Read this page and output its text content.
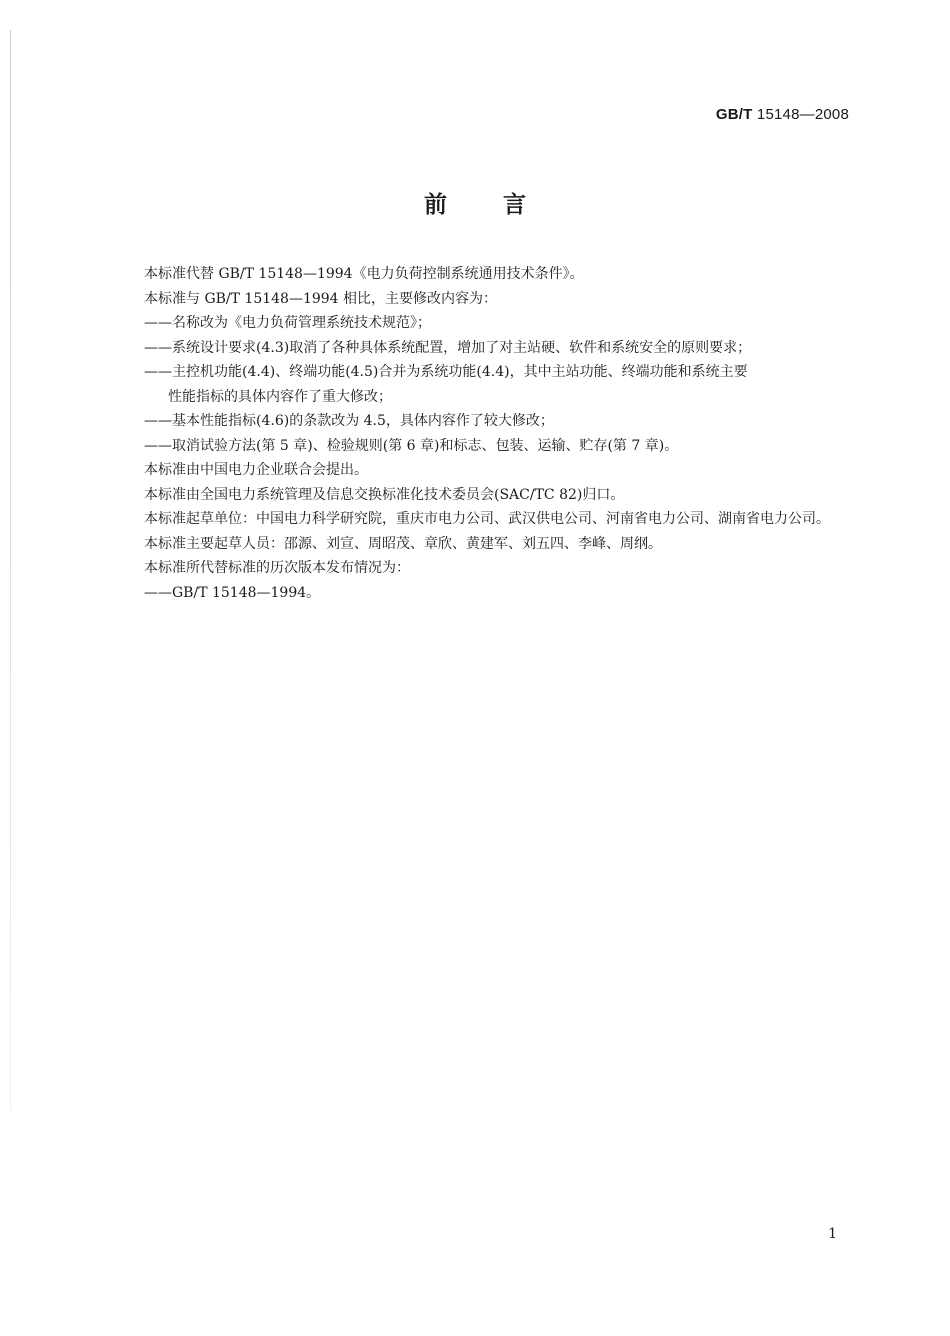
GB/T 15148—2008
前言
本标准代替 GB/T 15148—1994《电力负荷控制系统通用技术条件》。
本标准与 GB/T 15148—1994 相比，主要修改内容为：
——名称改为《电力负荷管理系统技术规范》；
——系统设计要求(4.3)取消了各种具体系统配置，增加了对主站硬、软件和系统安全的原则要求；
——主控机功能(4.4)、终端功能(4.5)合并为系统功能(4.4)，其中主站功能、终端功能和系统主要
性能指标的具体内容作了重大修改；
——基本性能指标(4.6)的条款改为 4.5，具体内容作了较大修改；
——取消试验方法(第 5 章)、检验规则(第 6 章)和标志、包装、运输、贮存(第 7 章)。
本标准由中国电力企业联合会提出。
本标准由全国电力系统管理及信息交换标准化技术委员会(SAC/TC 82)归口。
本标准起草单位：中国电力科学研究院，重庆市电力公司、武汉供电公司、河南省电力公司、湖南省电力公司。
本标准主要起草人员：邵源、刘宣、周昭茂、章欣、黄建军、刘五四、李峰、周纲。
本标准所代替标准的历次版本发布情况为：
——GB/T 15148—1994。
1
